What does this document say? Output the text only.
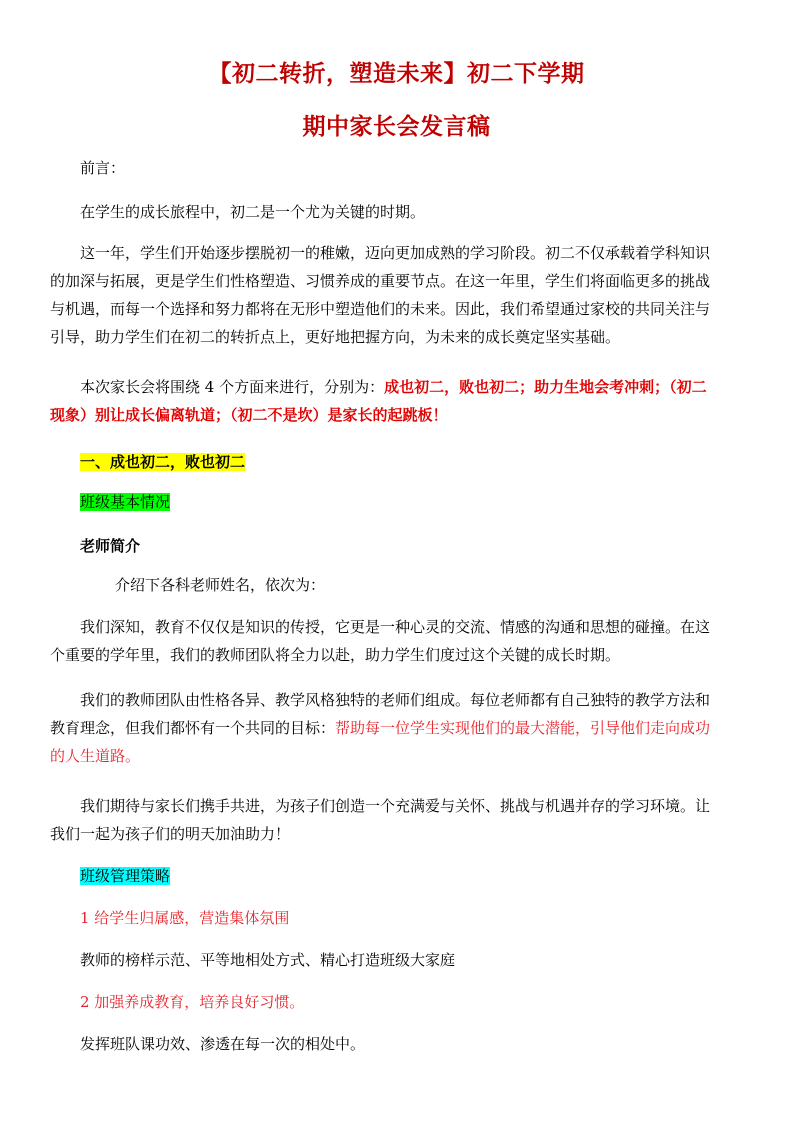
【初二转折，塑造未来】初二下学期
期中家长会发言稿
前言：
在学生的成长旅程中，初二是一个尤为关键的时期。
这一年，学生们开始逐步摆脱初一的稚嫩，迈向更加成熟的学习阶段。初二不仅承载着学科知识
的加深与拓展，更是学生们性格塑造、习惯养成的重要节点。在这一年里，学生们将面临更多的挑战
与机遇，而每一个选择和努力都将在无形中塑造他们的未来。因此，我们希望通过家校的共同关注与
引导，助力学生们在初二的转折点上，更好地把握方向，为未来的成长奠定坚实基础。
本次家长会将围绕 4 个方面来进行，分别为：成也初二，败也初二；助力生地会考冲刺；（初二
现象）别让成长偏离轨道；（初二不是坎）是家长的起跳板！
一、成也初二，败也初二
班级基本情况
老师简介
介绍下各科老师姓名，依次为：
我们深知，教育不仅仅是知识的传授，它更是一种心灵的交流、情感的沟通和思想的碰撞。在这
个重要的学年里，我们的教师团队将全力以赴，助力学生们度过这个关键的成长时期。
我们的教师团队由性格各异、教学风格独特的老师们组成。每位老师都有自己独特的教学方法和
教育理念，但我们都怀有一个共同的目标：帮助每一位学生实现他们的最大潜能，引导他们走向成功
的人生道路。
我们期待与家长们携手共进，为孩子们创造一个充满爱与关怀、挑战与机遇并存的学习环境。让
我们一起为孩子们的明天加油助力！
班级管理策略
1 给学生归属感，营造集体氛围
教师的榜样示范、平等地相处方式、精心打造班级大家庭
2 加强养成教育，培养良好习惯。
发挥班队课功效、渗透在每一次的相处中。
